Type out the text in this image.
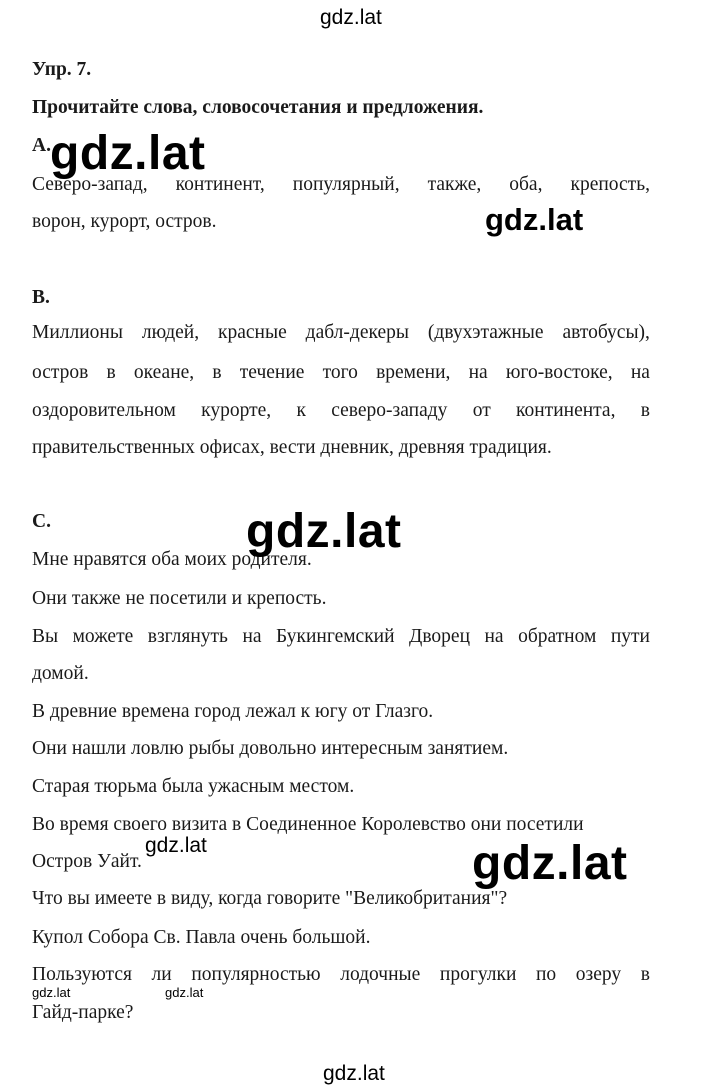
gdz.lat
Упр. 7.
Прочитайте слова, словосочетания и предложения.
А.
Северо-запад, континент, популярный, также, оба, крепость,
ворон, курорт, остров.
В.
Миллионы людей, красные дабл-декеры (двухэтажные автобусы),
остров в океане, в течение того времени, на юго-востоке, на
оздоровительном курорте, к северо-западу от континента, в
правительственных офисах, вести дневник, древняя традиция.
С.
Мне нравятся оба моих родителя.
Они также не посетили и крепость.
Вы можете взглянуть на Букингемский Дворец на обратном пути
домой.
В древние времена город лежал к югу от Глазго.
Они нашли ловлю рыбы довольно интересным занятием.
Старая тюрьма была ужасным местом.
Во время своего визита в Соединенное Королевство они посетили
Остров Уайт.
Что вы имеете в виду, когда говорите "Великобритания"?
Купол Собора Св. Павла очень большой.
Пользуются ли популярностью лодочные прогулки по озеру в
Гайд-парке?
gdz.lat
gdz.lat
gdz.lat
gdz.lat	gdz.lat
gdz.lat	gdz.lat
gdz.lat
